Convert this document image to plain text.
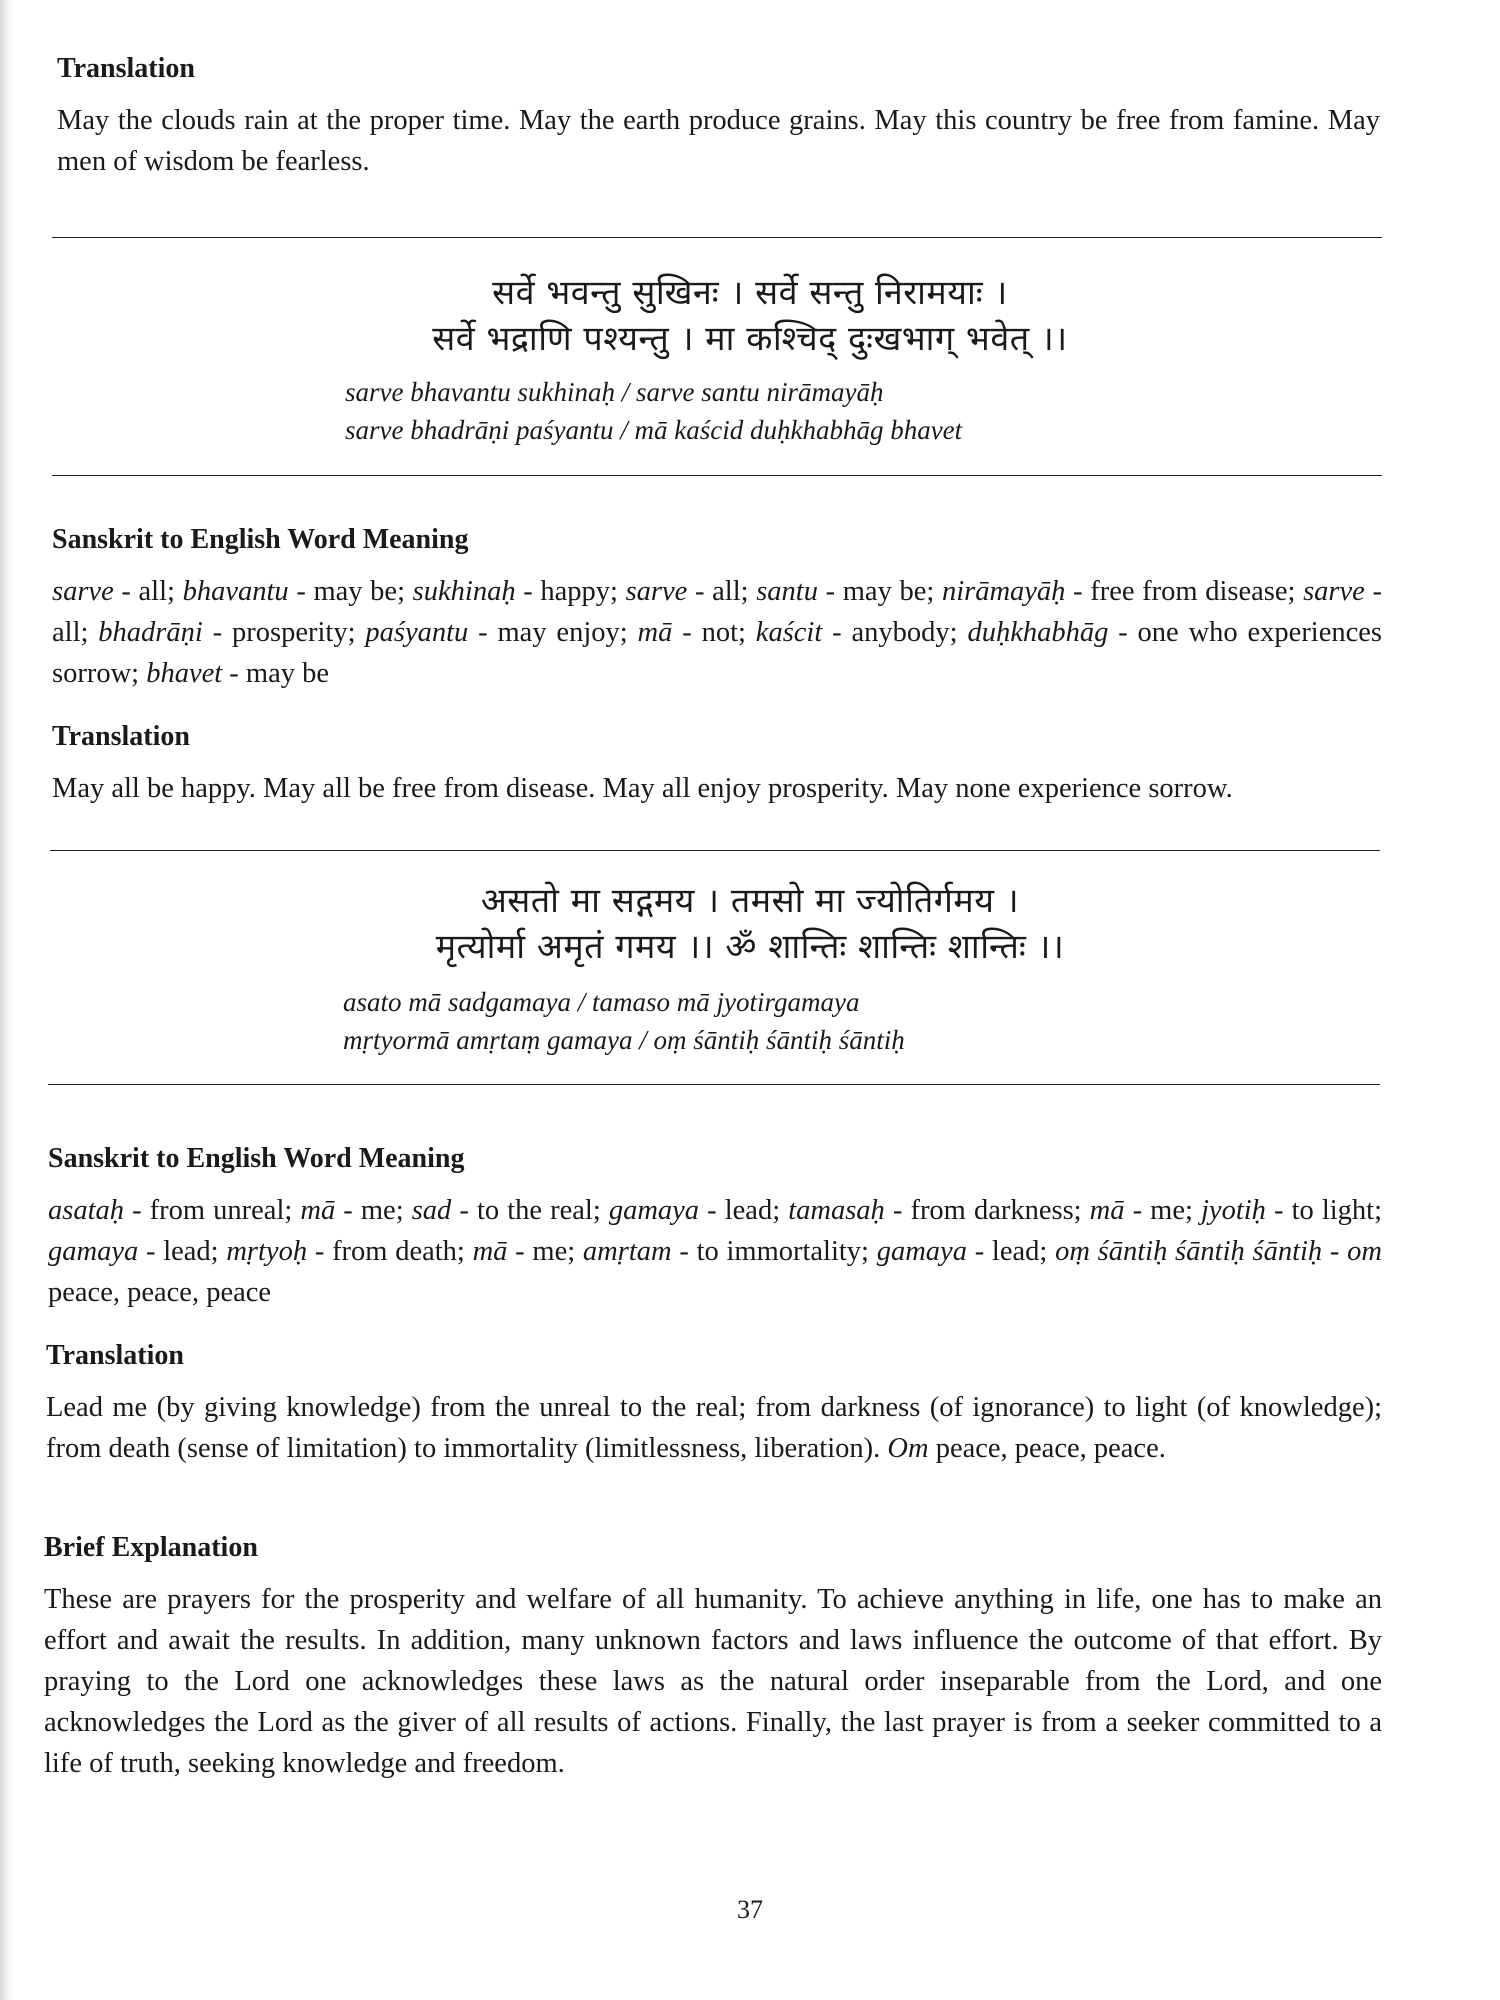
Translation

May the clouds rain at the proper time. May the earth produce grains. May this country be free from famine. May men of wisdom be fearless.

सर्वे भवन्तु सुखिनः । सर्वे सन्तु निरामयाः ।
सर्वे भद्राणि पश्यन्तु । मा कश्चिद् दुःखभाग् भवेत् ।।
sarve bhavantu sukhinaḥ / sarve santu nirāmayāḥ
sarve bhadrāṇi paśyantu / mā kaścid duḥkhabhāg bhavet
Sanskrit to English Word Meaning

sarve - all; bhavantu - may be; sukhinaḥ - happy; sarve - all; santu - may be; nirāmayāḥ - free from disease; sarve - all; bhadrāṇi - prosperity; paśyantu - may enjoy; mā - not; kaścit - anybody; duḥkhabhāg - one who experiences sorrow; bhavet - may be

Translation

May all be happy. May all be free from disease. May all enjoy prosperity. May none experience sorrow.

असतो मा सद्गमय । तमसो मा ज्योतिर्गमय ।
मृत्योर्मा अमृतं गमय ।। ॐ शान्तिः शान्तिः शान्तिः ।।
asato mā sadgamaya / tamaso mā jyotirgamaya
mṛtyormā amṛtaṃ gamaya / oṃ śāntiḥ śāntiḥ śāntiḥ
Sanskrit to English Word Meaning

asataḥ - from unreal; mā - me; sad - to the real; gamaya - lead; tamasaḥ - from darkness; mā - me; jyotiḥ - to light; gamaya - lead; mṛtyoḥ - from death; mā - me; amṛtam - to immortality; gamaya - lead; oṃ śāntiḥ śāntiḥ śāntiḥ - om peace, peace, peace

Translation

Lead me (by giving knowledge) from the unreal to the real; from darkness (of ignorance) to light (of knowledge); from death (sense of limitation) to immortality (limitlessness, liberation). Om peace, peace, peace.

Brief Explanation

These are prayers for the prosperity and welfare of all humanity. To achieve anything in life, one has to make an effort and await the results. In addition, many unknown factors and laws influence the outcome of that effort. By praying to the Lord one acknowledges these laws as the natural order inseparable from the Lord, and one acknowledges the Lord as the giver of all results of actions. Finally, the last prayer is from a seeker committed to a life of truth, seeking knowledge and freedom.

37
